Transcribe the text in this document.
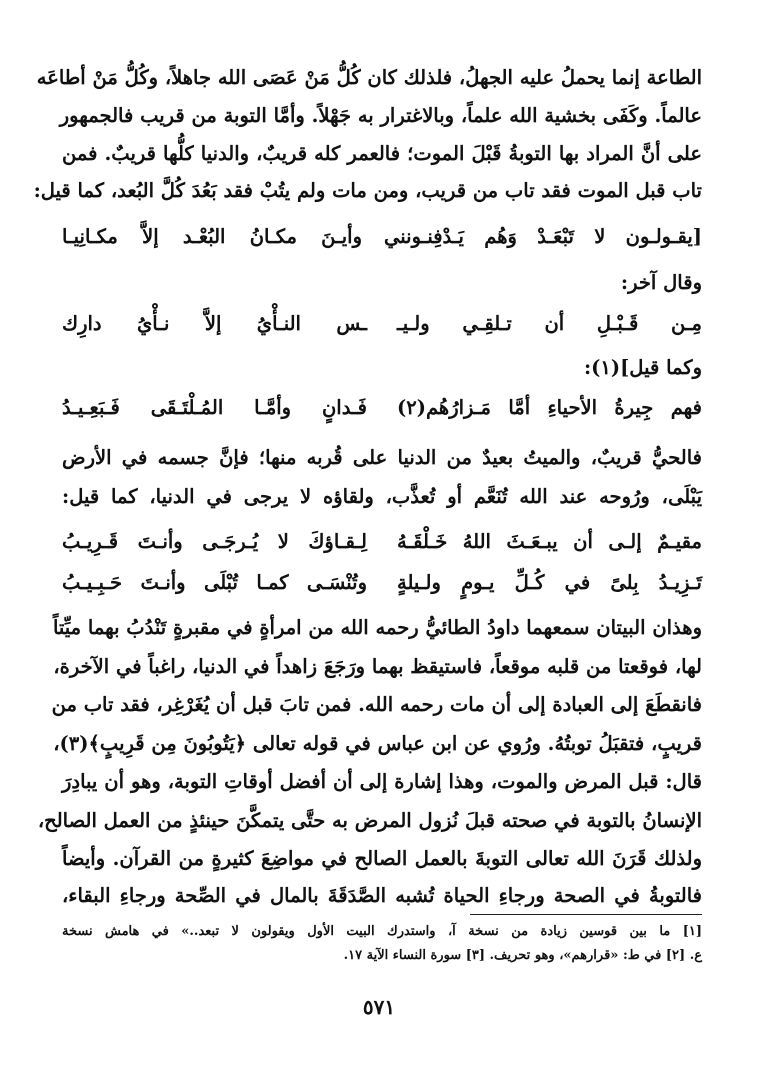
الطاعة إنما يحملُ عليه الجهلُ، فلذلك كان كُلُّ مَنْ عَصَى الله جاهلاً، وكُلُّ مَنْ أطاعَه
عالماً. وكَفَى بخشية الله علماً، وبالاغترار به جَهْلاً. وأمَّا التوبة من قريب فالجمهور
على أنَّ المراد بها التوبةُ قَبْلَ الموت؛ فالعمر كله قريبٌ، والدنيا كلُّها قريبٌ. فمن
تاب قبل الموت فقد تاب من قريب، ومن مات ولم يتُبْ فقد بَعُدَ كُلَّ البُعد، كما قيل:
[يقـولـون لا تَبْعَـدْ وَهُم يَـدْفِنـونني
وأيـنَ مكـانُ البُعْـد إلاَّ مكـانِيـا
وقال آخر:
مِـن قَـبْـلِ أن تـلقِـي ولـيـ
ـس النـأْيُ إلاَّ نـأْيُ دارِك
وكما قيل](١):
فهم جِيرةُ الأحياءِ أمَّا مَـزارُهُم(٢)
فَـدانٍ وأمَّـا المُـلْتَـقَى فَـبَعِـيـدُ
فالحيُّ قريبٌ، والميتُ بعيدٌ من الدنيا على قُربه منها؛ فإنَّ جسمه في الأرض
يَبْلَى، ورُوحه عند الله تُنَعَّم أو تُعذَّب، ولقاؤه لا يرجى في الدنيا، كما قيل:
مقيـمٌ إلـى أن يبـعَـثَ اللهُ خَـلْقَـهُ
لِـقـاؤكَ لا يُـرجَـى وأنـتَ قَـرِيـبُ
تَـزِيـدُ بِلىً في كُـلِّ يـومٍ ولـيلةٍ
وتُنْسَـى كمـا تُبْلَى وأنـتَ حَـبِـيـبُ
وهذان البيتان سمعهما داودُ الطائيُّ رحمه الله من امرأةٍ في مقبرةٍ تَنْدُبُ بهما ميِّتاً
لها، فوقعتا من قلبه موقعاً، فاستيقظ بهما ورَجَعَ زاهداً في الدنيا، راغباً في الآخرة،
فانقطَعَ إلى العبادة إلى أن مات رحمه الله. فمن تابَ قبل أن يُغَرْغِر، فقد تاب من
قريبٍ، فتقبَلُ توبتُهُ. ورُوي عن ابن عباس في قوله تعالى ﴿يَتُوبُونَ مِن قَرِيبٍ﴾(٣)،
قال: قبل المرض والموت، وهذا إشارة إلى أن أفضل أوقاتِ التوبة، وهو أن يبادِرَ
الإنسانُ بالتوبة في صحته قبلَ نُزول المرض به حتَّى يتمكَّنَ حينئذٍ من العمل الصالح،
ولذلك قَرَنَ الله تعالى التوبةَ بالعمل الصالح في مواضِعَ كثيرةٍ من القرآن. وأيضاً
فالتوبةُ في الصحة ورجاءِ الحياة تُشبه الصَّدَقَةَ بالمال في الصِّحة ورجاءِ البقاء،
[١] ما بين قوسين زيادة من نسخة آ، واستدرك البيت الأول ويقولون لا تبعد..» في هامش نسخة
ع. [٢] في ط: «قرارهم»، وهو تحريف. [٣] سورة النساء الآية ١٧.
٥٧١
